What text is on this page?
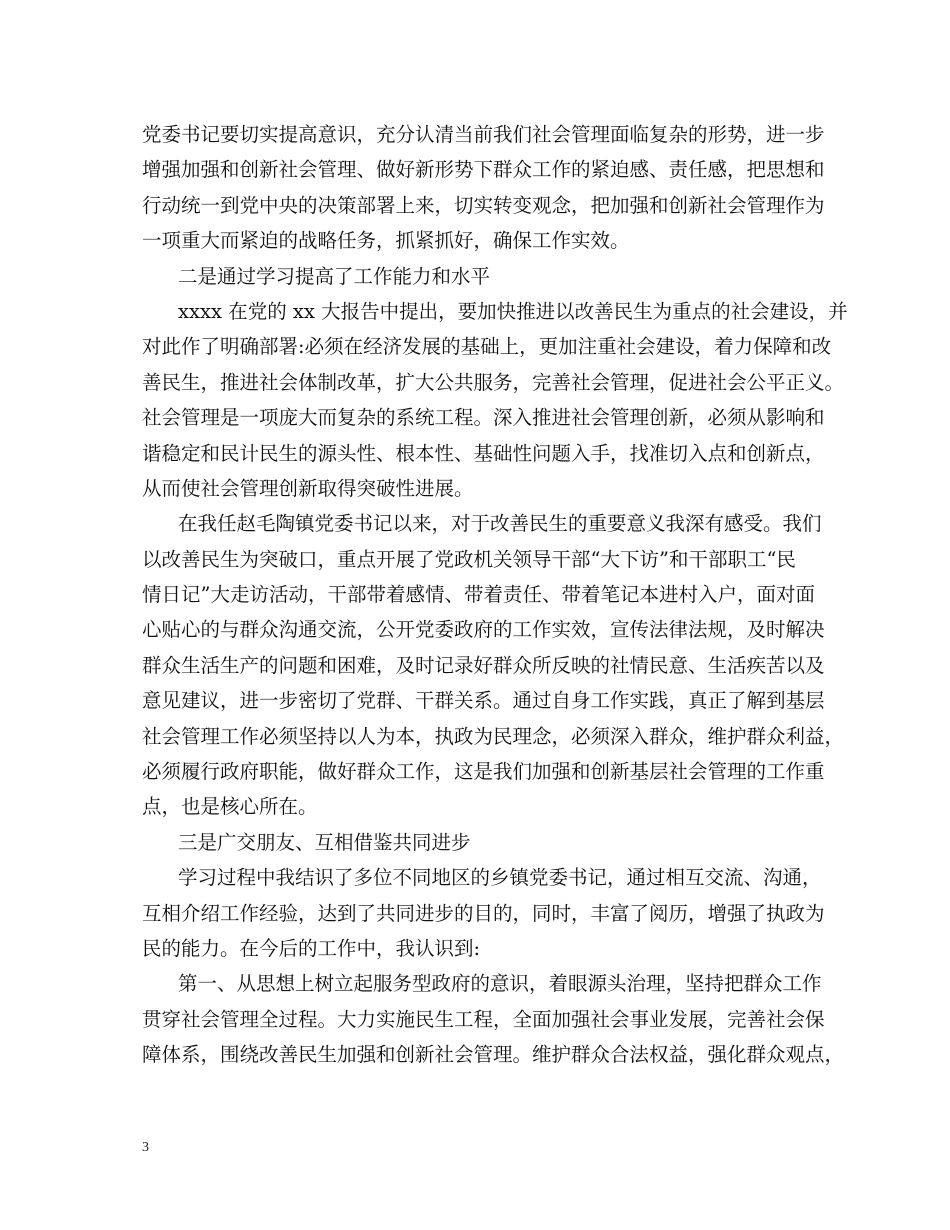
党委书记要切实提高意识，充分认清当前我们社会管理面临复杂的形势，进一步
增强加强和创新社会管理、做好新形势下群众工作的紧迫感、责任感，把思想和
行动统一到党中央的决策部署上来，切实转变观念，把加强和创新社会管理作为
一项重大而紧迫的战略任务，抓紧抓好，确保工作实效。
二是通过学习提高了工作能力和水平
xxxx 在党的 xx 大报告中提出，要加快推进以改善民生为重点的社会建设，并
对此作了明确部署:必须在经济发展的基础上，更加注重社会建设，着力保障和改
善民生，推进社会体制改革，扩大公共服务，完善社会管理，促进社会公平正义。
社会管理是一项庞大而复杂的系统工程。深入推进社会管理创新，必须从影响和
谐稳定和民计民生的源头性、根本性、基础性问题入手，找准切入点和创新点，
从而使社会管理创新取得突破性进展。
在我任赵毛陶镇党委书记以来，对于改善民生的重要意义我深有感受。我们
以改善民生为突破口，重点开展了党政机关领导干部“大下访”和干部职工“民
情日记”大走访活动，干部带着感情、带着责任、带着笔记本进村入户，面对面
心贴心的与群众沟通交流，公开党委政府的工作实效，宣传法律法规，及时解决
群众生活生产的问题和困难，及时记录好群众所反映的社情民意、生活疾苦以及
意见建议，进一步密切了党群、干群关系。通过自身工作实践，真正了解到基层
社会管理工作必须坚持以人为本，执政为民理念，必须深入群众，维护群众利益，
必须履行政府职能，做好群众工作，这是我们加强和创新基层社会管理的工作重
点，也是核心所在。
三是广交朋友、互相借鉴共同进步
学习过程中我结识了多位不同地区的乡镇党委书记，通过相互交流、沟通，
互相介绍工作经验，达到了共同进步的目的，同时，丰富了阅历，增强了执政为
民的能力。在今后的工作中，我认识到:
第一、从思想上树立起服务型政府的意识，着眼源头治理，坚持把群众工作
贯穿社会管理全过程。大力实施民生工程，全面加强社会事业发展，完善社会保
障体系，围绕改善民生加强和创新社会管理。维护群众合法权益，强化群众观点，
3
